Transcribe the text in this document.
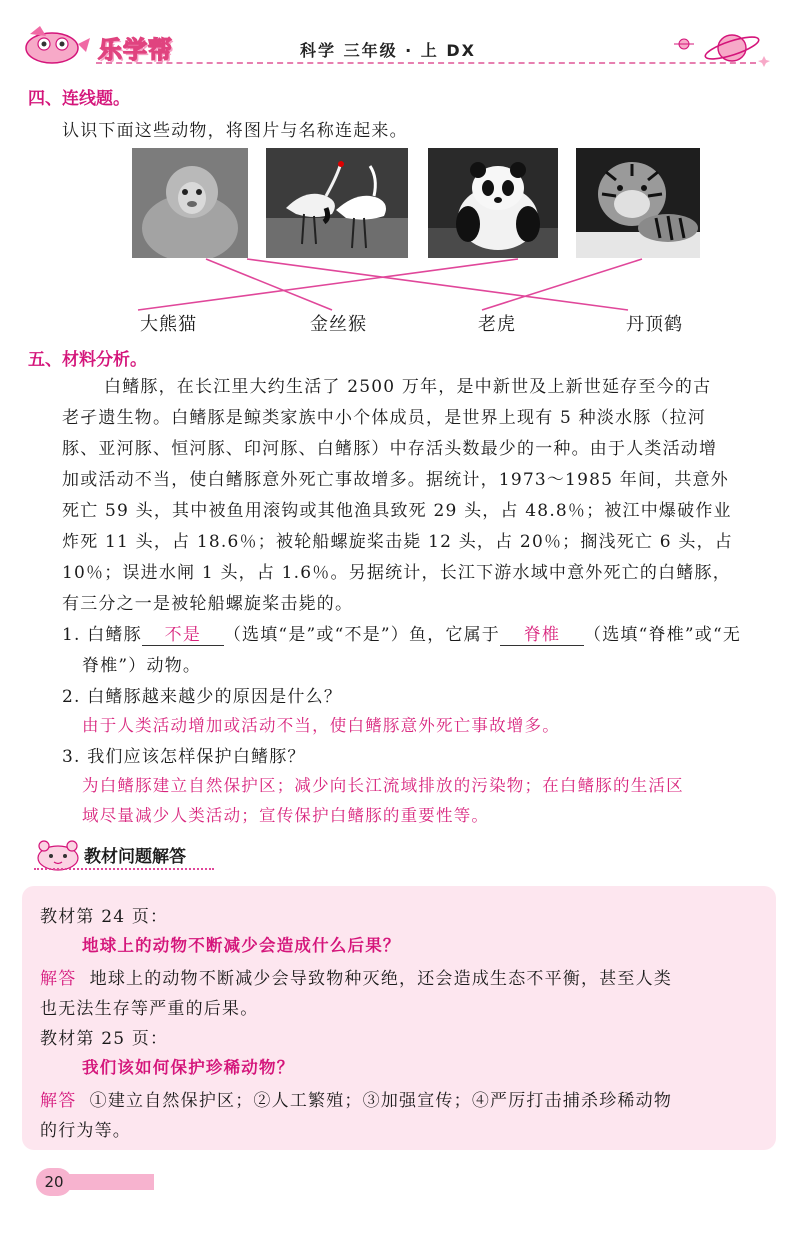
乐学帮	科学 三年级 · 上 DX
四、连线题。
认识下面这些动物，将图片与名称连起来。
大熊猫	金丝猴	老虎	丹顶鹤
五、材料分析。
白鳍豚，在长江里大约生活了 2500 万年，是中新世及上新世延存至今的古
老孑遗生物。白鳍豚是鲸类家族中小个体成员，是世界上现有 5 种淡水豚（拉河
豚、亚河豚、恒河豚、印河豚、白鳍豚）中存活头数最少的一种。由于人类活动增
加或活动不当，使白鳍豚意外死亡事故增多。据统计，1973～1985 年间，共意外
死亡 59 头，其中被鱼用滚钩或其他渔具致死 29 头，占 48.8％；被江中爆破作业
炸死 11 头，占 18.6％；被轮船螺旋桨击毙 12 头，占 20％；搁浅死亡 6 头，占
10％；误进水闸 1 头，占 1.6％。另据统计，长江下游水域中意外死亡的白鳍豚，
有三分之一是被轮船螺旋桨击毙的。
1. 白鳍豚 不是 （选填“是”或“不是”）鱼，它属于 脊椎 （选填“脊椎”或“无
脊椎”）动物。
2. 白鳍豚越来越少的原因是什么？
由于人类活动增加或活动不当，使白鳍豚意外死亡事故增多。
3. 我们应该怎样保护白鳍豚？
为白鳍豚建立自然保护区；减少向长江流域排放的污染物；在白鳍豚的生活区
域尽量减少人类活动；宣传保护白鳍豚的重要性等。
教材问题解答
教材第 24 页：
地球上的动物不断减少会造成什么后果？
解答 地球上的动物不断减少会导致物种灭绝，还会造成生态不平衡，甚至人类
也无法生存等严重的后果。
教材第 25 页：
我们该如何保护珍稀动物？
解答 ①建立自然保护区；②人工繁殖；③加强宣传；④严厉打击捕杀珍稀动物
的行为等。
20
